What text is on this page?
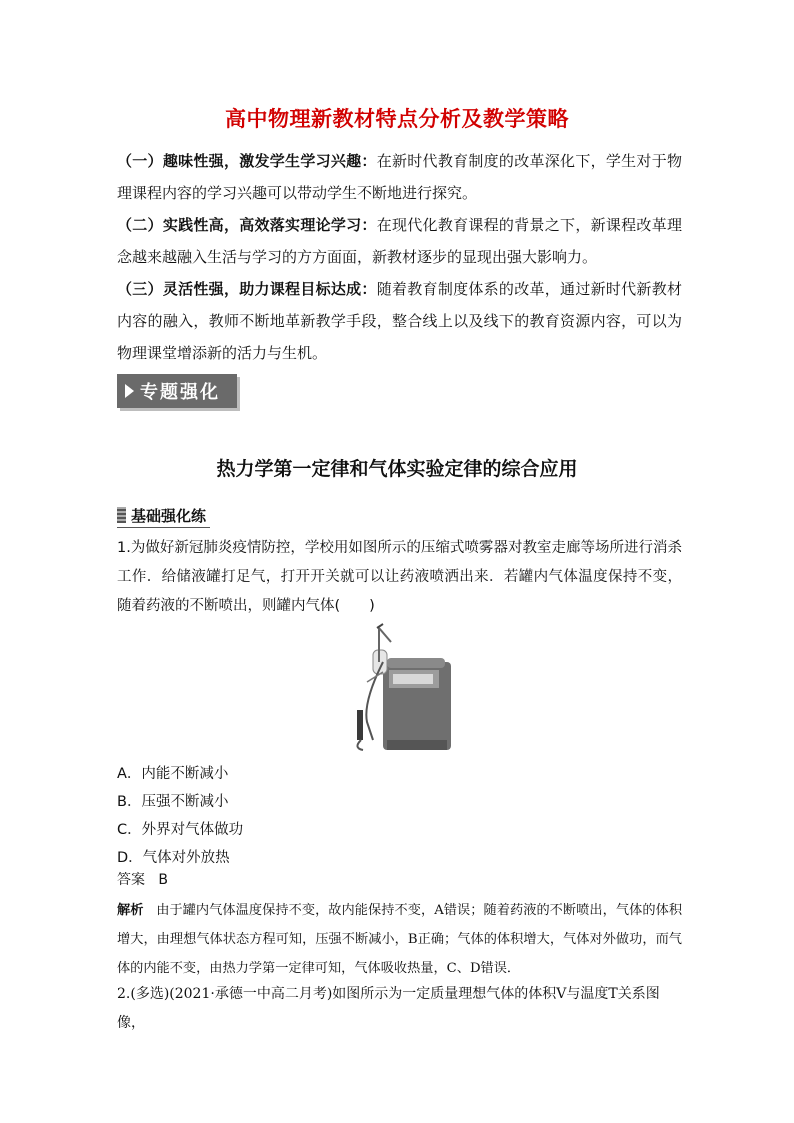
高中物理新教材特点分析及教学策略

（一）趣味性强，激发学生学习兴趣：在新时代教育制度的改革深化下，学生对于物理课程内容的学习兴趣可以带动学生不断地进行探究。

（二）实践性高，高效落实理论学习：在现代化教育课程的背景之下，新课程改革理念越来越融入生活与学习的方方面面，新教材逐步的显现出强大影响力。

（三）灵活性强，助力课程目标达成：随着教育制度体系的改革，通过新时代新教材内容的融入，教师不断地革新教学手段，整合线上以及线下的教育资源内容，可以为物理课堂增添新的活力与生机。

专题强化
热力学第一定律和气体实验定律的综合应用
基础强化练
1.为做好新冠肺炎疫情防控，学校用如图所示的压缩式喷雾器对教室走廊等场所进行消杀工作．给储液罐打足气，打开开关就可以让药液喷洒出来．若罐内气体温度保持不变，随着药液的不断喷出，则罐内气体(　　)
A．内能不断减小
B．压强不断减小
C．外界对气体做功
D．气体对外放热
答案 B
解析 由于罐内气体温度保持不变，故内能保持不变，A错误；随着药液的不断喷出，气体的体积增大，由理想气体状态方程可知，压强不断减小，B正确；气体的体积增大，气体对外做功，而气体的内能不变，由热力学第一定律可知，气体吸收热量，C、D错误．
2.(多选)(2021·承德一中高二月考)如图所示为一定质量理想气体的体积V与温度T关系图像，
